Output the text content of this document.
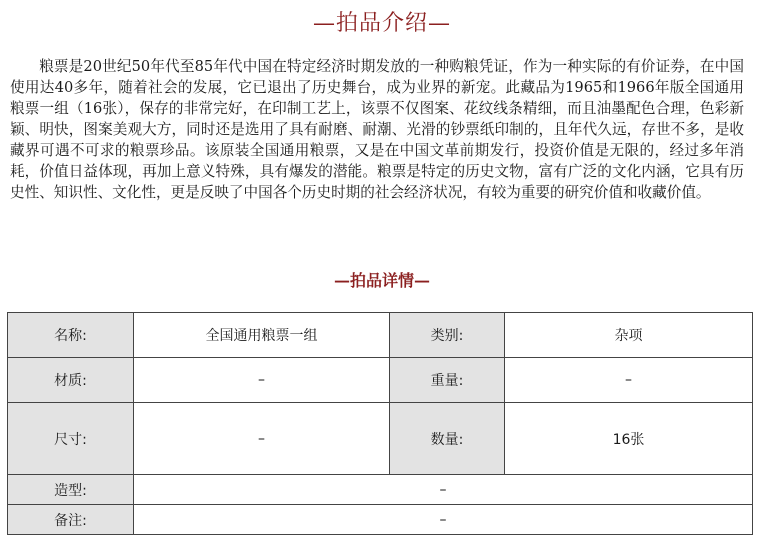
—拍品介绍—

粮票是20世纪50年代至85年代中国在特定经济时期发放的一种购粮凭证，作为一种实际的有价证券，在中国使用达40多年，随着社会的发展，它已退出了历史舞台，成为业界的新宠。此藏品为1965和1966年版全国通用粮票一组（16张），保存的非常完好，在印制工艺上，该票不仅图案、花纹线条精细，而且油墨配色合理，色彩新颖、明快，图案美观大方，同时还是选用了具有耐磨、耐潮、光滑的钞票纸印制的，且年代久远，存世不多，是收藏界可遇不可求的粮票珍品。该原装全国通用粮票，又是在中国文革前期发行，投资价值是无限的，经过多年消耗，价值日益体现，再加上意义特殊，具有爆发的潜能。粮票是特定的历史文物，富有广泛的文化内涵，它具有历史性、知识性、文化性，更是反映了中国各个历史时期的社会经济状况，有较为重要的研究价值和收藏价值。

—拍品详情—
名称:	全国通用粮票一组	类别:	杂项
材质:	–	重量:	–
尺寸:	–	数量:	16张
造型:	–		
备注:	–		
